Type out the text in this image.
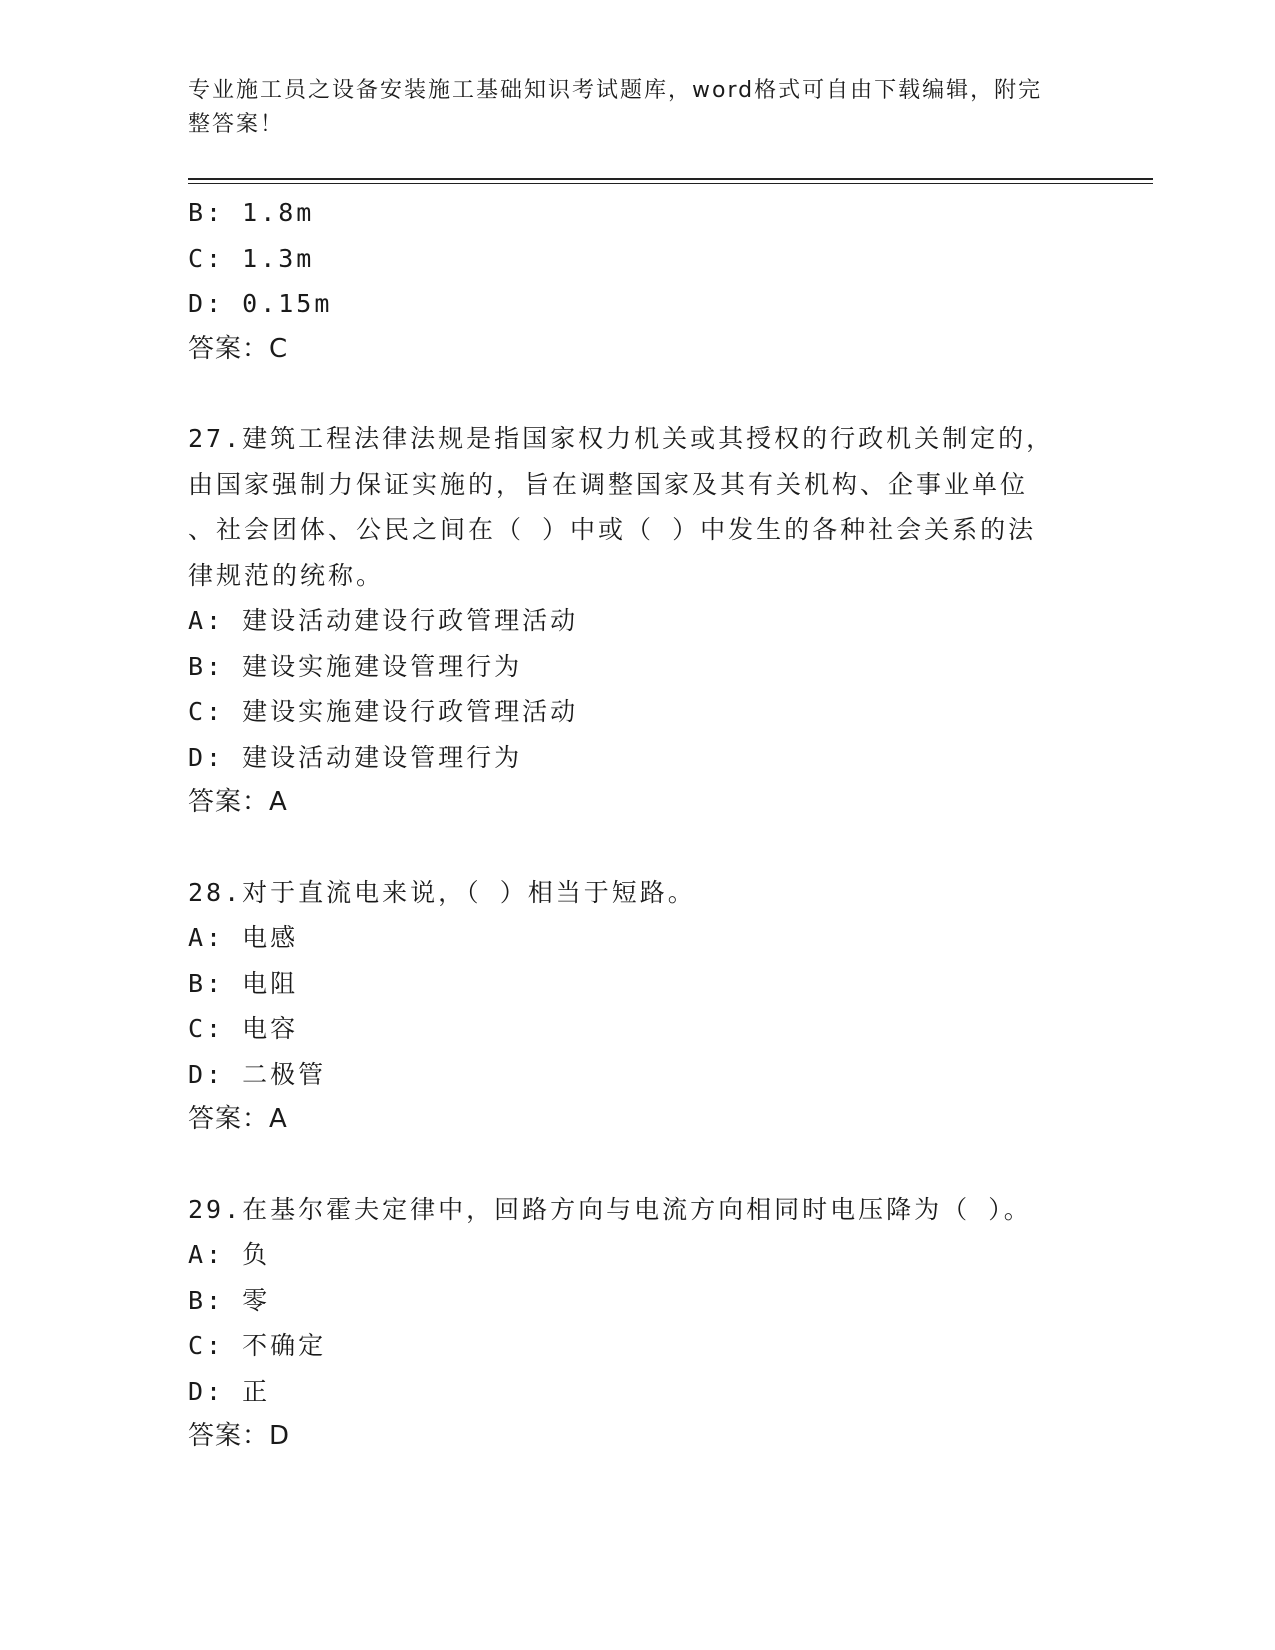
专业施工员之设备安装施工基础知识考试题库，word格式可自由下载编辑，附完
整答案！
B: 1.8m
C: 1.3m
D: 0.15m
答案：C
27.建筑工程法律法规是指国家权力机关或其授权的行政机关制定的，
由国家强制力保证实施的，旨在调整国家及其有关机构、企事业单位
、社会团体、公民之间在（ ）中或（ ）中发生的各种社会关系的法
律规范的统称。
A: 建设活动建设行政管理活动
B: 建设实施建设管理行为
C: 建设实施建设行政管理活动
D: 建设活动建设管理行为
答案：A
28.对于直流电来说，（ ）相当于短路。
A: 电感
B: 电阻
C: 电容
D: 二极管
答案：A
29.在基尔霍夫定律中，回路方向与电流方向相同时电压降为（ ）。
A: 负
B: 零
C: 不确定
D: 正
答案：D
